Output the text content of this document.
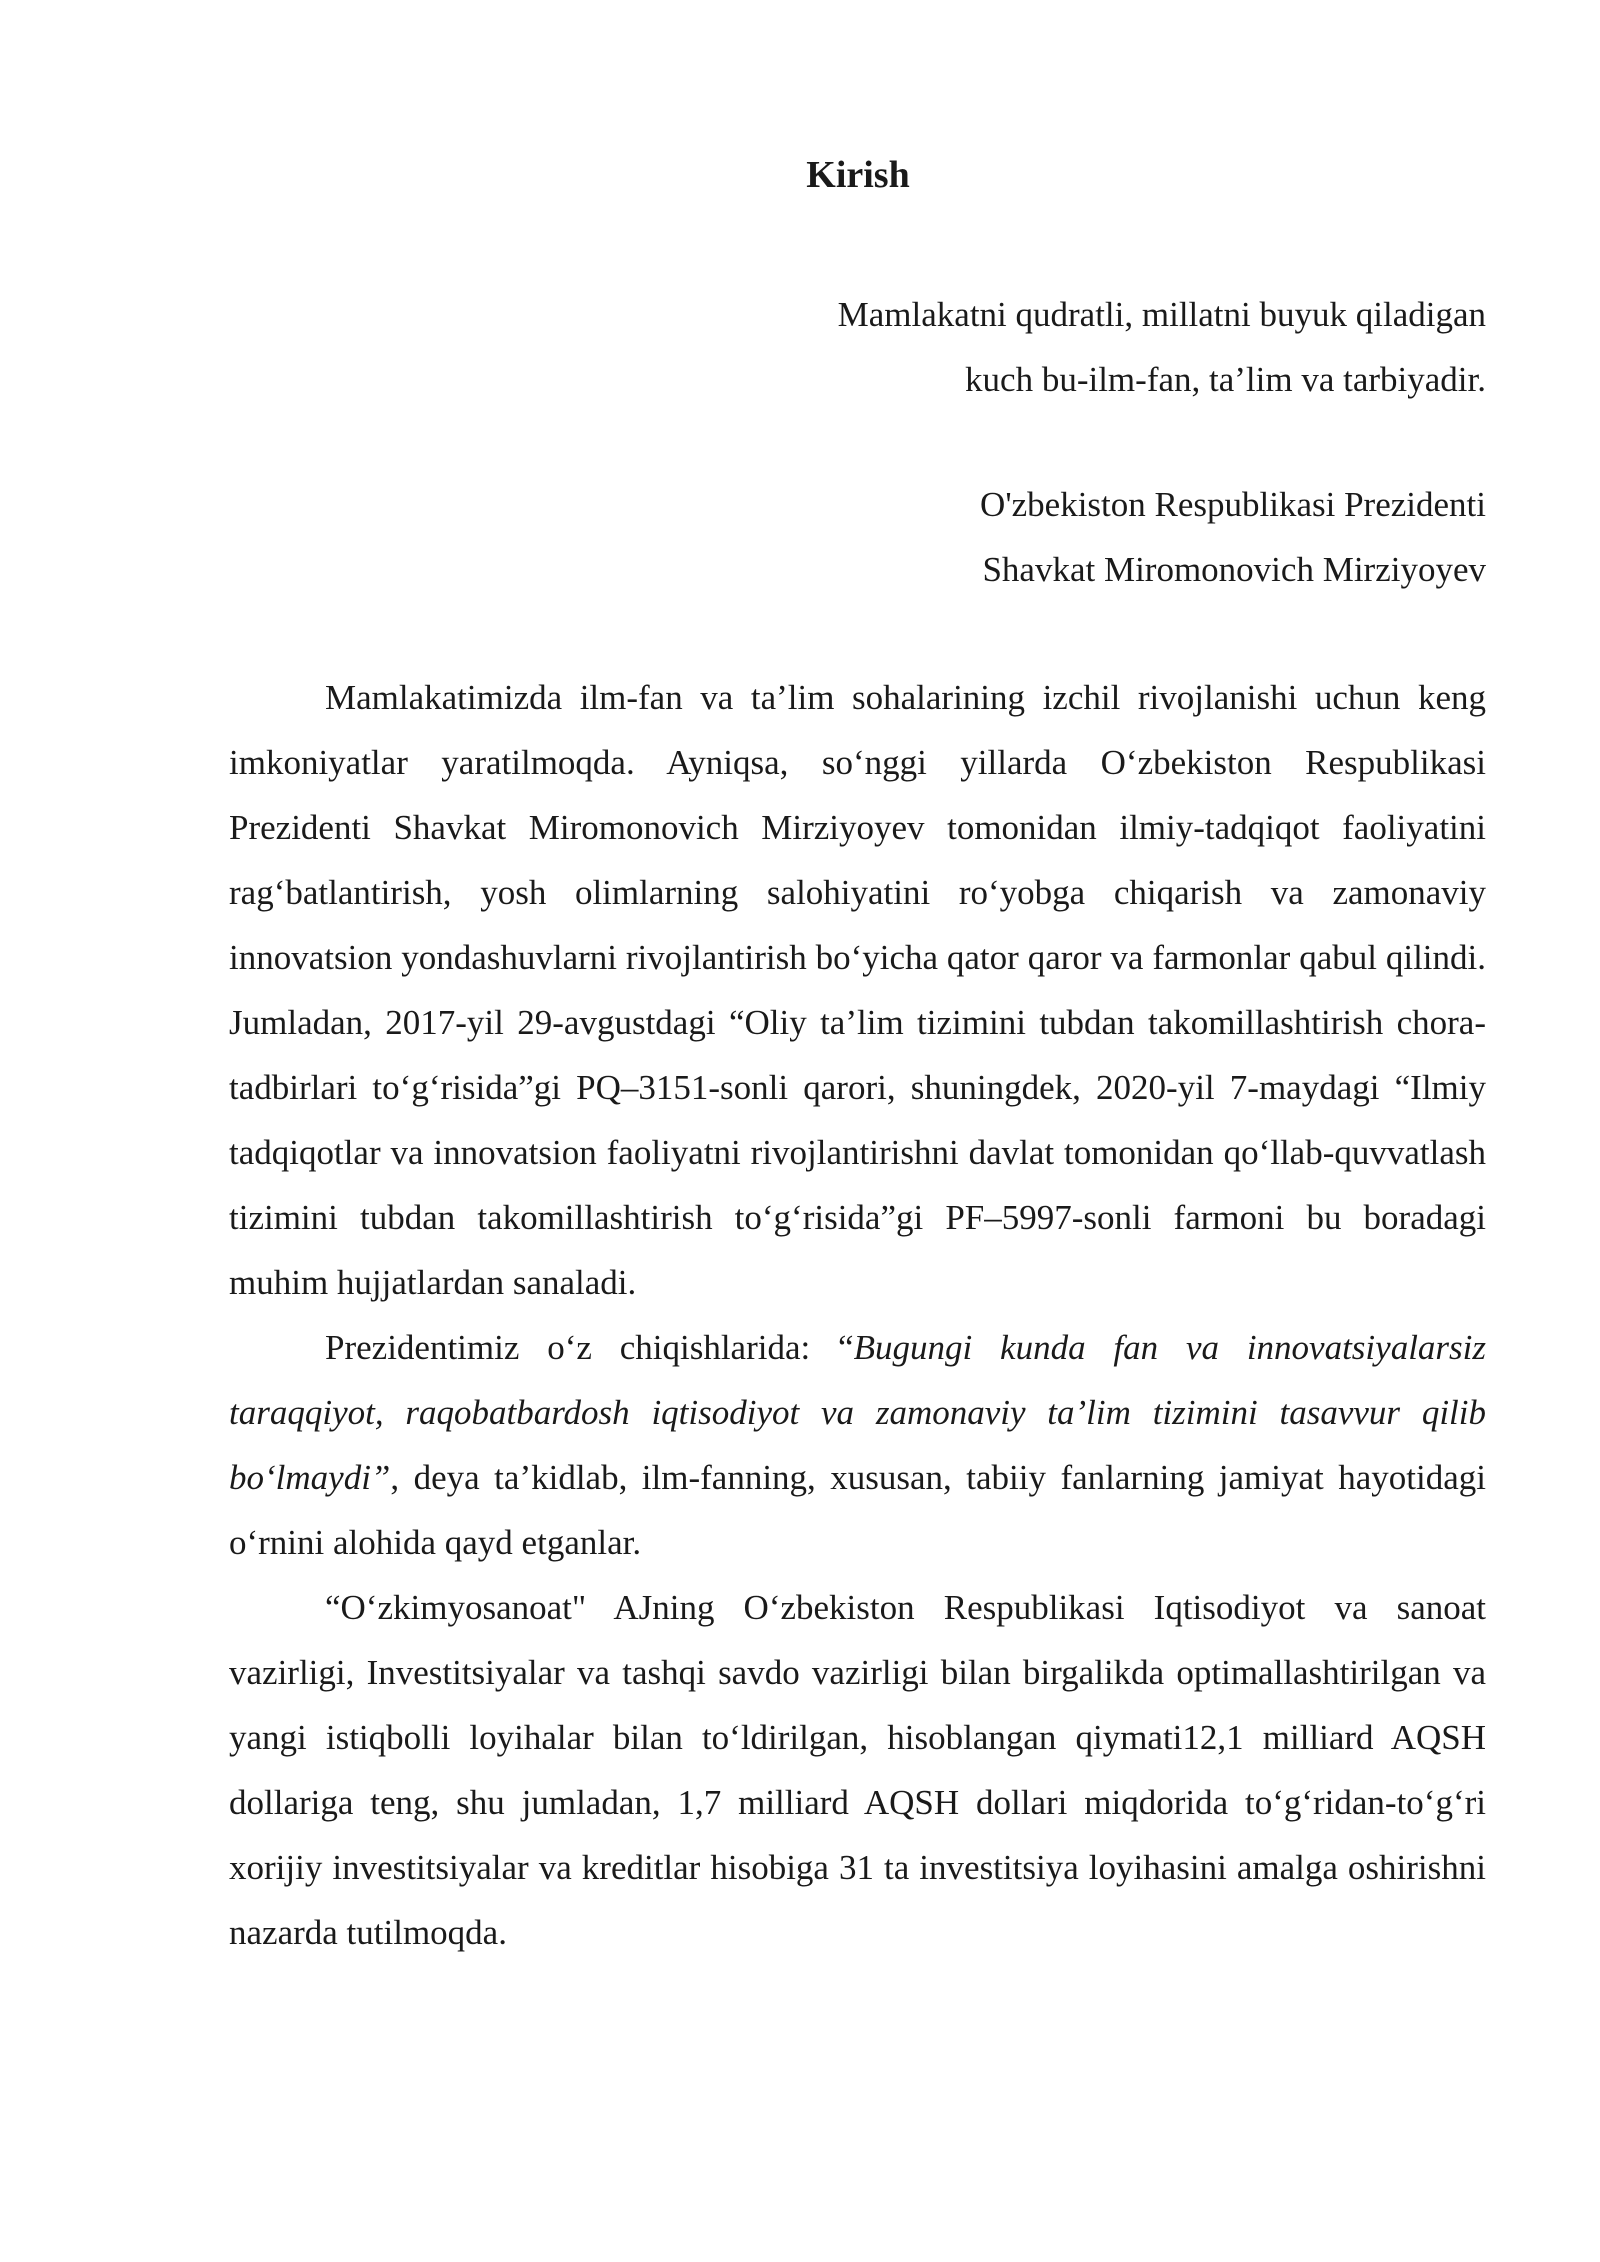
Kirish
Mamlakatni qudratli, millatni buyuk qiladigan
kuch bu-ilm-fan, ta’lim va tarbiyadir.
O'zbekiston Respublikasi Prezidenti
Shavkat Miromonovich Mirziyoyev

Mamlakatimizda ilm-fan va ta’lim sohalarining izchil rivojlanishi uchun keng imkoniyatlar yaratilmoqda. Ayniqsa, so‘nggi yillarda O‘zbekiston Respublikasi Prezidenti Shavkat Miromonovich Mirziyoyev tomonidan ilmiy-tadqiqot faoliyatini rag‘batlantirish, yosh olimlarning salohiyatini ro‘yobga chiqarish va zamonaviy innovatsion yondashuvlarni rivojlantirish bo‘yicha qator qaror va farmonlar qabul qilindi. Jumladan, 2017-yil 29-avgustdagi “Oliy ta’lim tizimini tubdan takomillashtirish chora-tadbirlari to‘g‘risida”gi PQ–3151-sonli qarori, shuningdek, 2020-yil 7-maydagi “Ilmiy tadqiqotlar va innovatsion faoliyatni rivojlantirishni davlat tomonidan qo‘llab-quvvatlash tizimini tubdan takomillashtirish to‘g‘risida”gi PF–5997-sonli farmoni bu boradagi muhim hujjatlardan sanaladi.

Prezidentimiz o‘z chiqishlarida: “Bugungi kunda fan va innovatsiyalarsiz taraqqiyot, raqobatbardosh iqtisodiyot va zamonaviy ta’lim tizimini tasavvur qilib bo‘lmaydi”, deya ta’kidlab, ilm-fanning, xususan, tabiiy fanlarning jamiyat hayotidagi o‘rnini alohida qayd etganlar.

“O‘zkimyosanoat" AJning O‘zbekiston Respublikasi Iqtisodiyot va sanoat vazirligi, Investitsiyalar va tashqi savdo vazirligi bilan birgalikda optimallashtirilgan va yangi istiqbolli loyihalar bilan to‘ldirilgan, hisoblangan qiymati12,1 milliard AQSH dollariga teng, shu jumladan, 1,7 milliard AQSH dollari miqdorida to‘g‘ridan-to‘g‘ri xorijiy investitsiyalar va kreditlar hisobiga 31 ta investitsiya loyihasini amalga oshirishni nazarda tutilmoqda.
